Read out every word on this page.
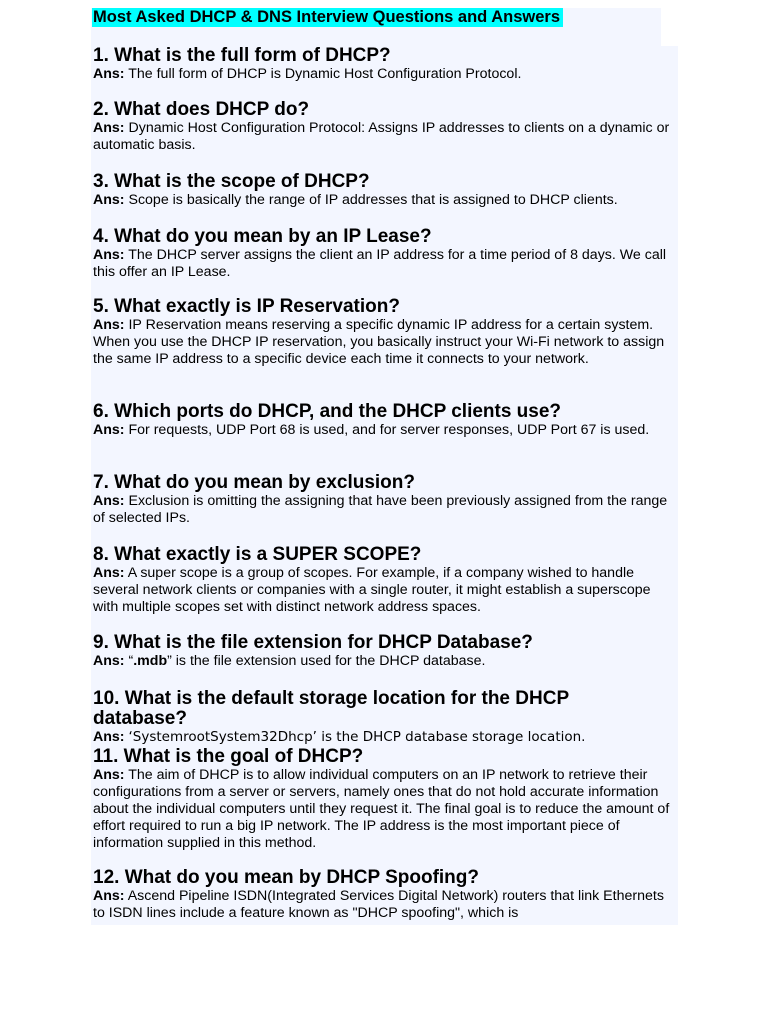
Most Asked DHCP & DNS Interview Questions and Answers

1. What is the full form of DHCP?

Ans: The full form of DHCP is Dynamic Host Configuration Protocol.

2. What does DHCP do?

Ans: Dynamic Host Configuration Protocol: Assigns IP addresses to clients on a dynamic or automatic basis.

3. What is the scope of DHCP?

Ans: Scope is basically the range of IP addresses that is assigned to DHCP clients.

4. What do you mean by an IP Lease?

Ans: The DHCP server assigns the client an IP address for a time period of 8 days. We call this offer an IP Lease.

5. What exactly is IP Reservation?

Ans: IP Reservation means reserving a specific dynamic IP address for a certain system. When you use the DHCP IP reservation, you basically instruct your Wi-Fi network to assign the same IP address to a specific device each time it connects to your network.

6. Which ports do DHCP, and the DHCP clients use?

Ans: For requests, UDP Port 68 is used, and for server responses, UDP Port 67 is used.

7. What do you mean by exclusion?

Ans: Exclusion is omitting the assigning that have been previously assigned from the range of selected IPs.

8. What exactly is a SUPER SCOPE?

Ans: A super scope is a group of scopes. For example, if a company wished to handle several network clients or companies with a single router, it might establish a superscope with multiple scopes set with distinct network address spaces.

9. What is the file extension for DHCP Database?

Ans: “.mdb” is the file extension used for the DHCP database.

10. What is the default storage location for the DHCP database?

Ans: ‘SystemrootSystem32Dhcp’ is the DHCP database storage location.

11. What is the goal of DHCP?

Ans: The aim of DHCP is to allow individual computers on an IP network to retrieve their configurations from a server or servers, namely ones that do not hold accurate information about the individual computers until they request it. The final goal is to reduce the amount of effort required to run a big IP network. The IP address is the most important piece of information supplied in this method.

12. What do you mean by DHCP Spoofing?

Ans: Ascend Pipeline ISDN(Integrated Services Digital Network) routers that link Ethernets to ISDN lines include a feature known as "DHCP spoofing", which is
